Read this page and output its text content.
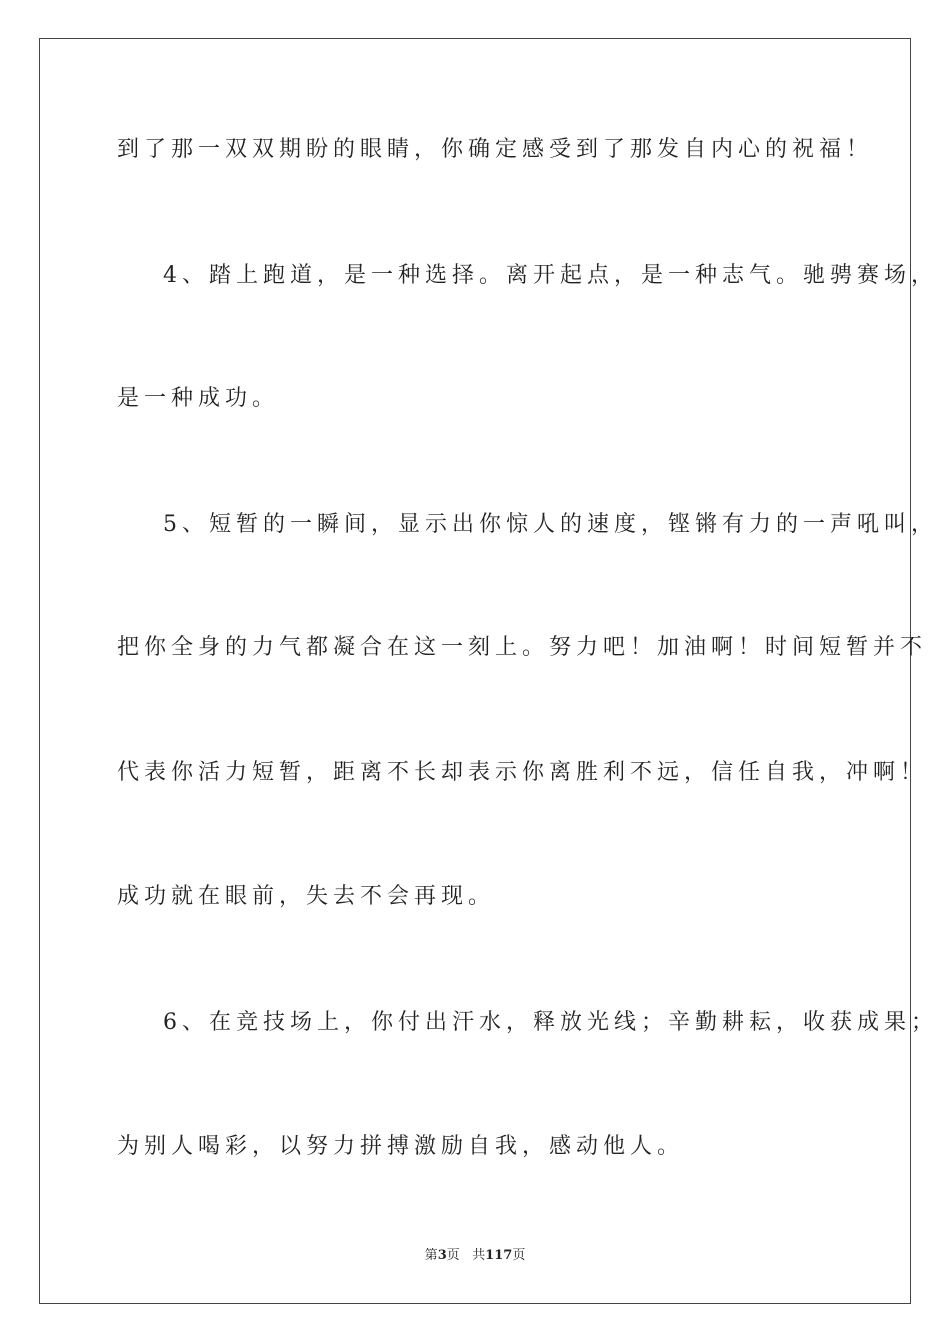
到了那一双双期盼的眼睛，你确定感受到了那发自内心的祝福！
4、踏上跑道，是一种选择。离开起点，是一种志气。驰骋赛场，
是一种成功。
5、短暂的一瞬间，显示出你惊人的速度，铿锵有力的一声吼叫，
把你全身的力气都凝合在这一刻上。努力吧！加油啊！时间短暂并不
代表你活力短暂，距离不长却表示你离胜利不远，信任自我，冲啊！
成功就在眼前，失去不会再现。
6、在竞技场上，你付出汗水，释放光线；辛勤耕耘，收获成果；
为别人喝彩，以努力拼搏激励自我，感动他人。
第3页 共117页
